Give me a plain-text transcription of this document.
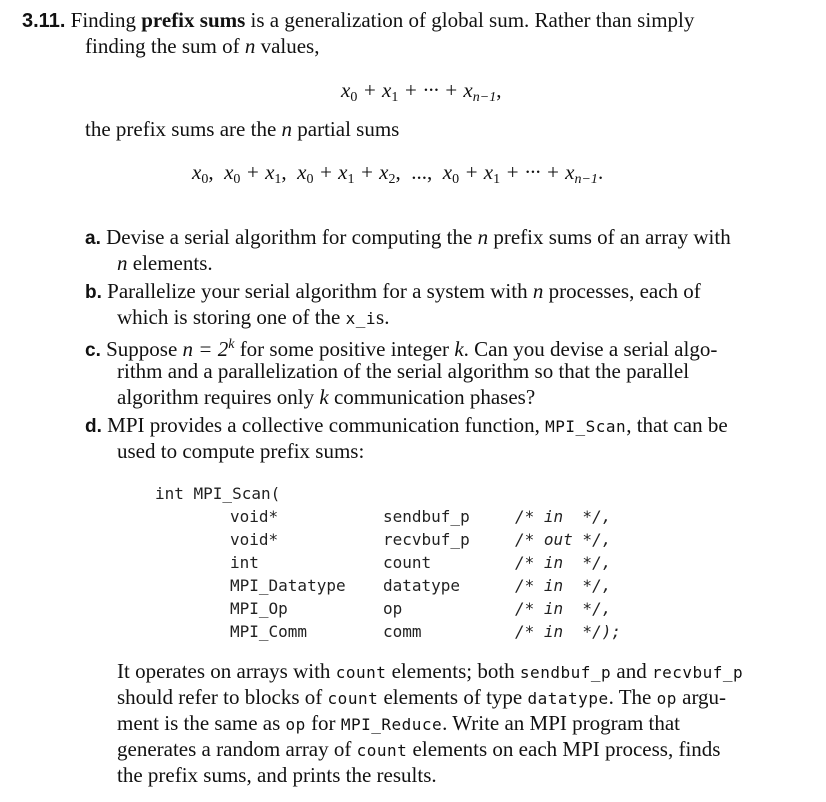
3.11. Finding prefix sums is a generalization of global sum. Rather than simply
finding the sum of n values,
$x_0 + x_1$ + ··· + $x_{n-1}$,
the prefix sums are the n partial sums
$x_0$,  $x_0 + x_1$,  $x_0 + x_1 + x_2$, ...,  $x_0 + x_1$ + ··· + $x_{n-1}$.
a. Devise a serial algorithm for computing the n prefix sums of an array with
n elements.
b. Parallelize your serial algorithm for a system with n processes, each of
which is storing one of the x_is.
c. Suppose $n = 2^k$ for some positive integer k. Can you devise a serial algo-
rithm and a parallelization of the serial algorithm so that the parallel
algorithm requires only k communication phases?
d. MPI provides a collective communication function, MPI_Scan, that can be
used to compute prefix sums:
int MPI_Scan(
void*	sendbuf_p	/* in  */,
void*	recvbuf_p	/* out */,
int	count	/* in  */,
MPI_Datatype datatype	/* in  */,
MPI_Op	op	/* in  */,
MPI_Comm	comm	/* in  */);
It operates on arrays with count elements; both sendbuf_p and recvbuf_p
should refer to blocks of count elements of type datatype. The op argu-
ment is the same as op for MPI_Reduce. Write an MPI program that
generates a random array of count elements on each MPI process, finds
the prefix sums, and prints the results.
